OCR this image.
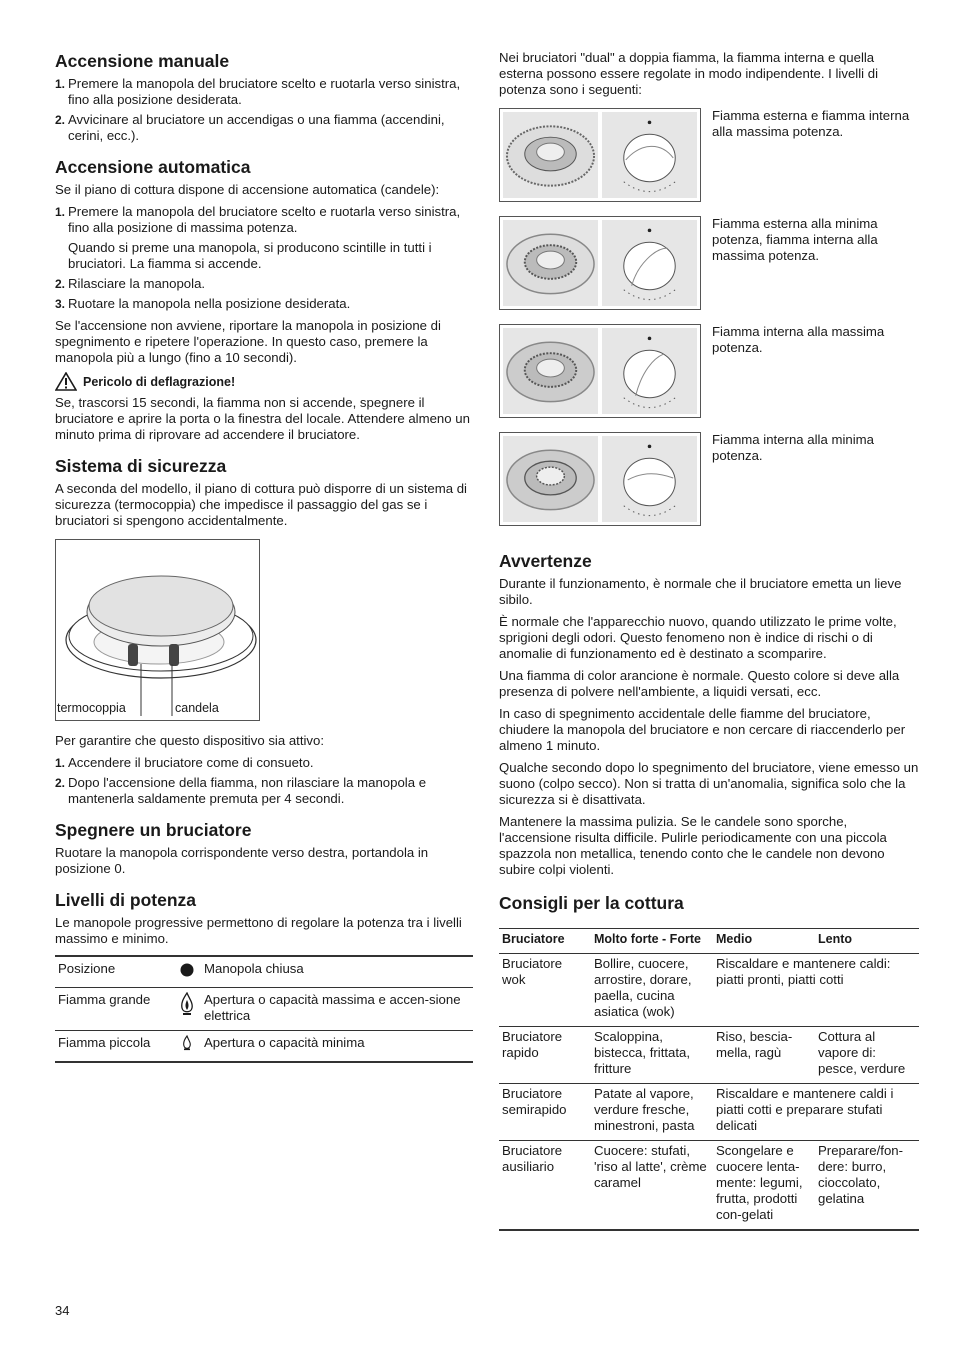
Accensione manuale
1. Premere la manopola del bruciatore scelto e ruotarla verso sinistra, fino alla posizione desiderata.
2. Avvicinare al bruciatore un accendigas o una fiamma (accendini, cerini, ecc.).
Accensione automatica

Se il piano di cottura dispone di accensione automatica (candele):

1. Premere la manopola del bruciatore scelto e ruotarla verso sinistra, fino alla posizione di massima potenza.
Quando si preme una manopola, si producono scintille in tutti i bruciatori. La fiamma si accende.
2. Rilasciare la manopola.
3. Ruotare la manopola nella posizione desiderata.

Se l'accensione non avviene, riportare la manopola in posizione di spegnimento e ripetere l'operazione. In questo caso, premere la manopola più a lungo (fino a 10 secondi).

Pericolo di deflagrazione!

Se, trascorsi 15 secondi, la fiamma non si accende, spegnere il bruciatore e aprire la porta o la finestra del locale. Attendere almeno un minuto prima di riprovare ad accendere il bruciatore.

Sistema di sicurezza

A seconda del modello, il piano di cottura può disporre di un sistema di sicurezza (termocoppia) che impedisce il passaggio del gas se i bruciatori si spengono accidentalmente.

termocoppia	candela

Per garantire che questo dispositivo sia attivo:

1. Accendere il bruciatore come di consueto.
2. Dopo l'accensione della fiamma, non rilasciare la manopola e mantenerla saldamente premuta per 4 secondi.
Spegnere un bruciatore

Ruotare la manopola corrispondente verso destra, portandola in posizione 0.

Livelli di potenza

Le manopole progressive permettono di regolare la potenza tra i livelli massimo e minimo.

Posizione		Manopola chiusa
Fiamma grande		Apertura o capacità massima e accen-sione elettrica
Fiamma piccola		Apertura o capacità minima

Nei bruciatori "dual" a doppia fiamma, la fiamma interna e quella esterna possono essere regolate in modo indipendente. I livelli di potenza sono i seguenti:

Fiamma esterna e fiamma interna alla massima potenza.
Fiamma esterna alla minima potenza, fiamma interna alla massima potenza.
Fiamma interna alla massima potenza.
Fiamma interna alla minima potenza.
Avvertenze

Durante il funzionamento, è normale che il bruciatore emetta un lieve sibilo.

È normale che l'apparecchio nuovo, quando utilizzato le prime volte, sprigioni degli odori. Questo fenomeno non è indice di rischi o di anomalie di funzionamento ed è destinato a scomparire.

Una fiamma di color arancione è normale. Questo colore si deve alla presenza di polvere nell'ambiente, a liquidi versati, ecc.

In caso di spegnimento accidentale delle fiamme del bruciatore, chiudere la manopola del bruciatore e non cercare di riaccenderlo per almeno 1 minuto.

Qualche secondo dopo lo spegnimento del bruciatore, viene emesso un suono (colpo secco). Non si tratta di un'anomalia, significa solo che la sicurezza si è disattivata.

Mantenere la massima pulizia. Se le candele sono sporche, l'accensione risulta difficile. Pulirle periodicamente con una piccola spazzola non metallica, tenendo conto che le candele non devono subire colpi violenti.

Consigli per la cottura
Bruciatore	Molto forte - Forte	Medio	Lento
Bruciatore wok	Bollire, cuocere, arrostire, dorare, paella, cucina asiatica (wok)	Riscaldare e mantenere caldi: piatti pronti, piatti cotti	
Bruciatore rapido	Scaloppina, bistecca, frittata, fritture	Riso, bescia-mella, ragù	Cottura al vapore di: pesce, verdure
Bruciatore semirapido	Patate al vapore, verdure fresche, minestroni, pasta	Riscaldare e mantenere caldi i piatti cotti e preparare stufati delicati	
Bruciatore ausiliario	Cuocere: stufati, 'riso al latte', crème caramel	Scongelare e cuocere lenta-mente: legumi, frutta, prodotti con-gelati	Preparare/fon-dere: burro, cioccolato, gelatina
34
